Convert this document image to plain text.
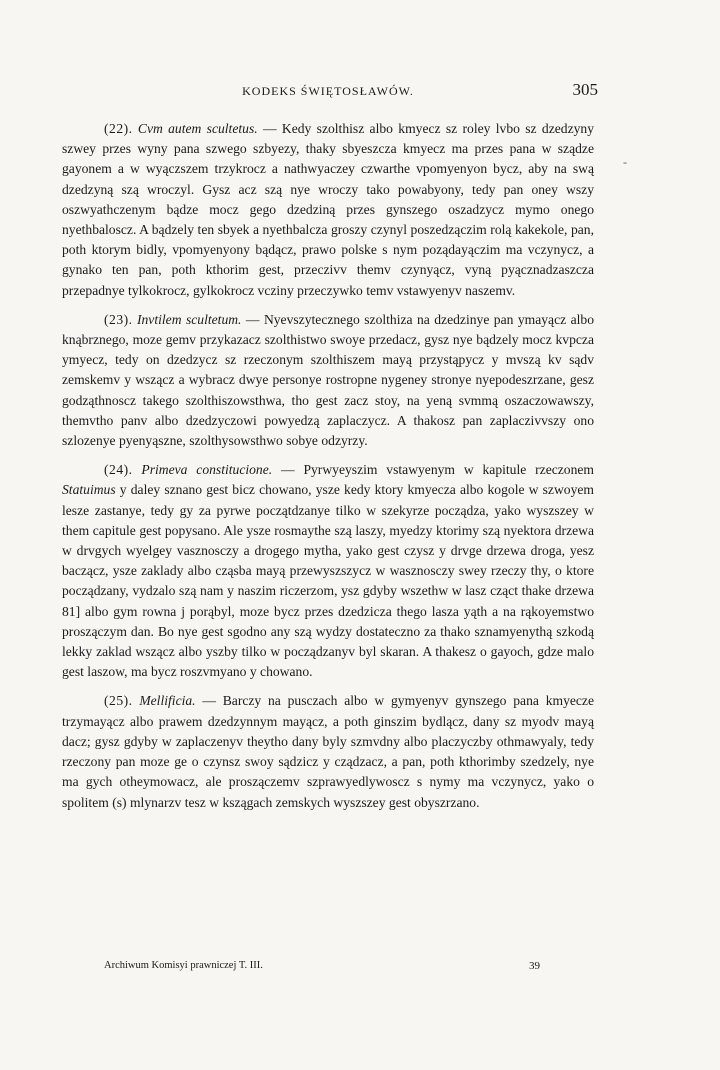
KODEKS ŚWIĘTOSŁAWÓW.	305

(22). Cvm autem scultetus. — Kedy szolthisz albo kmyecz sz roley lvbo sz dzedzyny szwey przes wyny pana szwego szbyezy, thaky sbyeszcza kmyecz ma przes pana w sządze gayonem a w wyączszem trzykrocz a nathwyaczey czwarthe vpomyenyon bycz, aby na swą dzedzyną szą wroczyl. Gysz acz szą nye wroczy tako powabyony, tedy pan oney wszy oszwyathczenym bądze mocz gego dzedziną przes gynszego oszadzycz mymo onego nyethbaloscz. A bądzely ten sbyek a nyethbalcza groszy czynyl poszedzączim rolą kakekole, pan, poth ktorym bidly, vpomyenyony bądącz, prawo polske s nym poządayączim ma vczynycz, a gynako ten pan, poth kthorim gest, przeczivv themv czynyącz, vyną pyącznadzaszcza przepadnye tylkokrocz, gylkokrocz vcziny przeczywko temv vstawyenyv naszemv.

(23). Invtilem scultetum. — Nyevszytecznego szolthiza na dzedzinye pan ymayącz albo knąbrznego, moze gemv przykazacz szolthistwo swoye przedacz, gysz nye bądzely mocz kvpcza ymyecz, tedy on dzedzycz sz rzeczonym szolthiszem mayą przystąpycz y mvszą kv sądv zemskemv y wszącz a wybracz dwye personye rostropne nygeney stronye nyepodeszrzane, gesz godząthnoscz takego szolthiszowsthwa, tho gest zacz stoy, na yeną svmmą oszaczowawszy, themvtho panv albo dzedzyczowi powyedzą zaplaczycz. A thakosz pan zaplaczivvszy ono szlozenye pyenyąszne, szolthysowsthwo sobye odzyrzy.

(24). Primeva constitucione. — Pyrwyeyszim vstawyenym w kapitule rzeczonem Statuimus y daley sznano gest bicz chowano, ysze kedy ktory kmyecza albo kogole w szwoyem lesze zastanye, tedy gy za pyrwe początdzanye tilko w szekyrze począdza, yako wyszszey w them capitule gest popysano. Ale ysze rosmaythe szą laszy, myedzy ktorimy szą nyektora drzewa w drvgych wyelgey vasznosczy a drogego mytha, yako gest czysz y drvge drzewa droga, yesz baczącz, ysze zaklady albo cząsba mayą przewyszszycz w wasznosczy swey rzeczy thy, o ktore począdzany, vydzalo szą nam y naszim riczerzom, ysz gdyby wszethw w lasz cząct thake drzewa 81] albo gym rowna j porąbyl, moze bycz przes dzedzicza thego lasza yąth a na rąkoyemstwo proszączym dan. Bo nye gest sgodno any szą wydzy dostateczno za thako sznamyenythą szkodą lekky zaklad wszącz albo yszby tilko w począdzanyv byl skaran. A thakesz o gayoch, gdze malo gest laszow, ma bycz roszvmyano y chowano.

(25). Mellificia. — Barczy na pusczach albo w gymyenyv gynszego pana kmyecze trzymayącz albo prawem dzedzynnym mayącz, a poth ginszim bydlącz, dany sz myodv mayą dacz; gysz gdyby w zaplaczenyv theytho dany byly szmvdny albo placzyczby othmawyaly, tedy rzeczony pan moze ge o czynsz swoy sądzicz y cządzacz, a pan, poth kthorimby szedzely, nye ma gych otheymowacz, ale proszączemv szprawyedlywoscz s nymy ma vczynycz, yako o spolitem (s) mlynarzv tesz w kszągach zemskych wyszszey gest obyszrzano.

Archiwum Komisyi prawniczej T. III.	39
-
